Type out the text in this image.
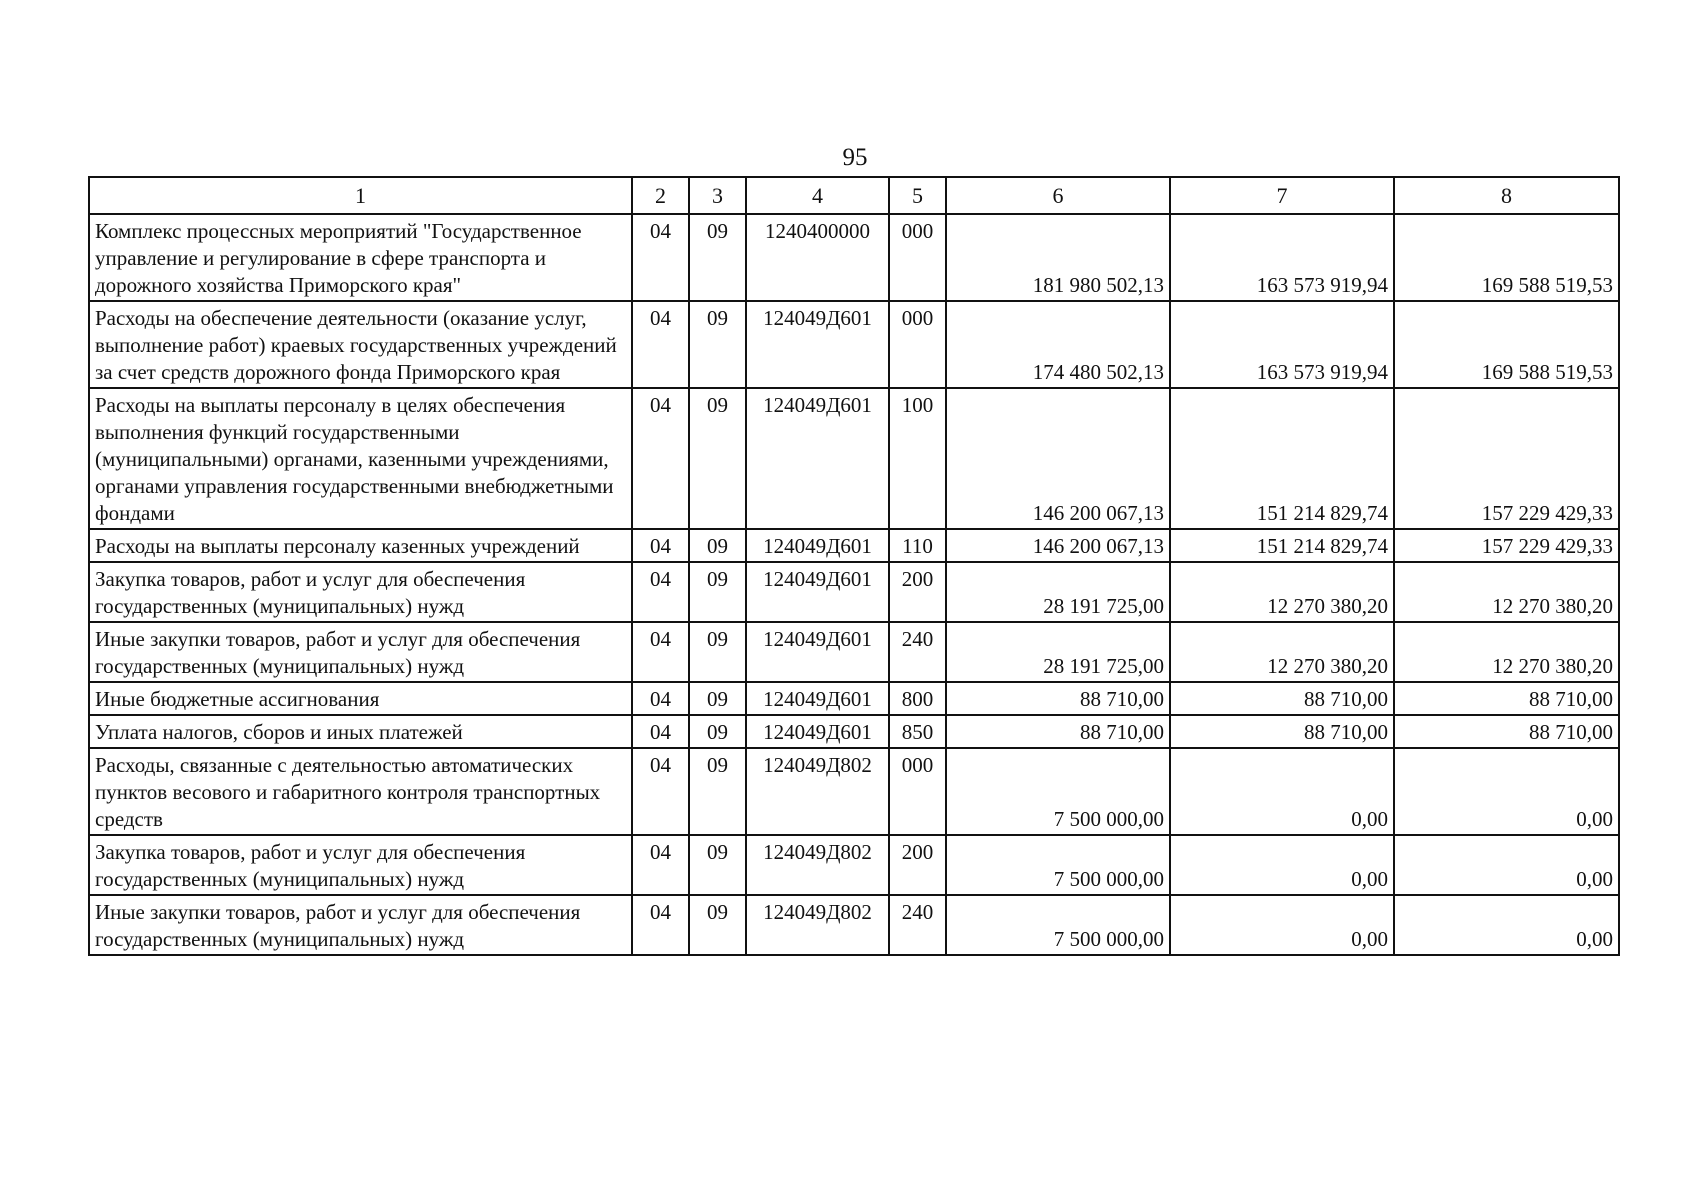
95
1	2	3	4	5	6	7	8
Комплекс процессных мероприятий "Государственное управление и регулирование в сфере транспорта и дорожного хозяйства Приморского края"	04	09	1240400000	000	181 980 502,13	163 573 919,94	169 588 519,53
Расходы на обеспечение деятельности (оказание услуг, выполнение работ) краевых государственных учреждений за счет средств дорожного фонда Приморского края	04	09	124049Д601	000	174 480 502,13	163 573 919,94	169 588 519,53
Расходы на выплаты персоналу в целях обеспечения выполнения функций государственными (муниципальными) органами, казенными учреждениями, органами управления государственными внебюджетными фондами	04	09	124049Д601	100	146 200 067,13	151 214 829,74	157 229 429,33
Расходы на выплаты персоналу казенных учреждений	04	09	124049Д601	110	146 200 067,13	151 214 829,74	157 229 429,33
Закупка товаров, работ и услуг для обеспечения государственных (муниципальных) нужд	04	09	124049Д601	200	28 191 725,00	12 270 380,20	12 270 380,20
Иные закупки товаров, работ и услуг для обеспечения государственных (муниципальных) нужд	04	09	124049Д601	240	28 191 725,00	12 270 380,20	12 270 380,20
Иные бюджетные ассигнования	04	09	124049Д601	800	88 710,00	88 710,00	88 710,00
Уплата налогов, сборов и иных платежей	04	09	124049Д601	850	88 710,00	88 710,00	88 710,00
Расходы, связанные с деятельностью автоматических пунктов весового и габаритного контроля транспортных средств	04	09	124049Д802	000	7 500 000,00	0,00	0,00
Закупка товаров, работ и услуг для обеспечения государственных (муниципальных) нужд	04	09	124049Д802	200	7 500 000,00	0,00	0,00
Иные закупки товаров, работ и услуг для обеспечения государственных (муниципальных) нужд	04	09	124049Д802	240	7 500 000,00	0,00	0,00
